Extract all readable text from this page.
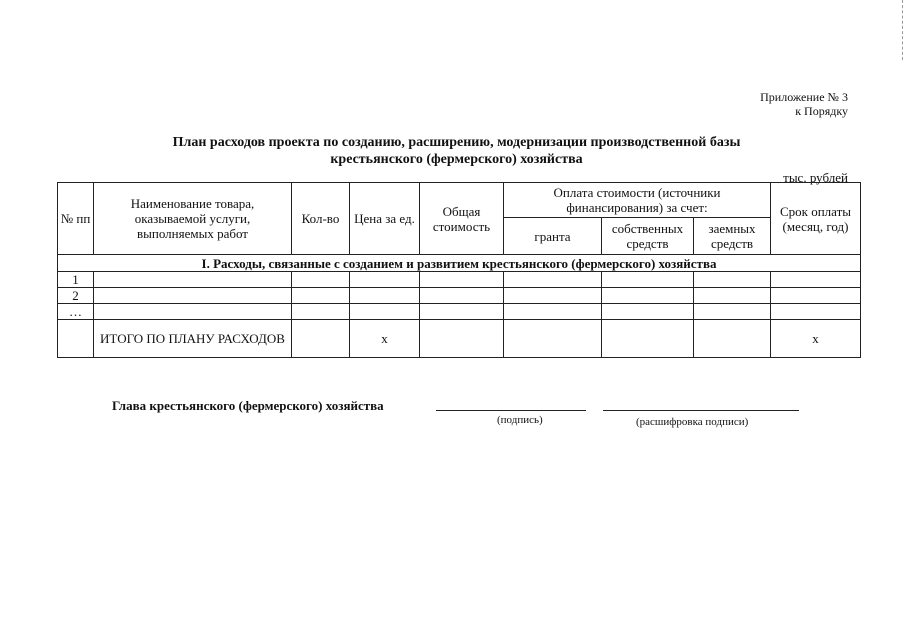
Приложение № 3
к Порядку
План расходов проекта по созданию, расширению, модернизации производственной базы
крестьянского (фермерского) хозяйства
тыс. рублей
№ пп	Наименование товара, оказываемой услуги, выполняемых работ	Кол-во	Цена за ед.	Общая стоимость	Оплата стоимости (источники финансирования) за счет:			Срок оплаты (месяц, год)
					гранта	собственных средств	заемных средств	
I. Расходы, связанные с созданием и развитием крестьянского (фермерского) хозяйства								
1								
2								
…								
	ИТОГО ПО ПЛАНУ РАСХОДОВ		х					х
Глава крестьянского (фермерского) хозяйства
(подпись)	(расшифровка подписи)
